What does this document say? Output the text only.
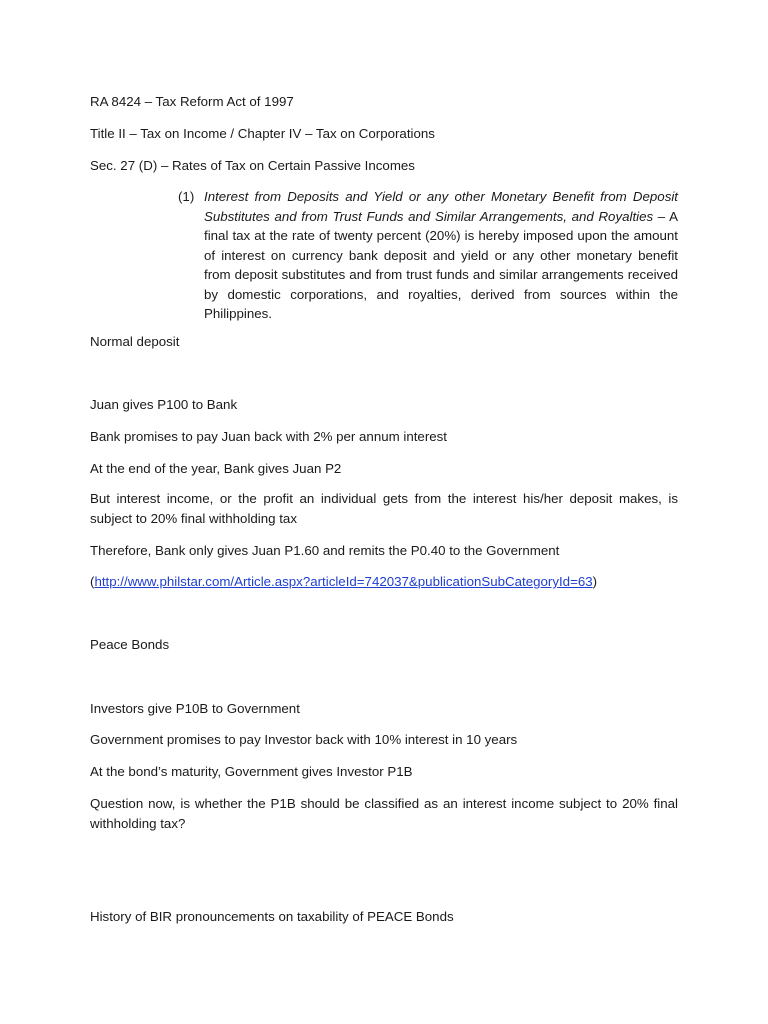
RA 8424 – Tax Reform Act of 1997

Title II – Tax on Income / Chapter IV – Tax on Corporations

Sec. 27 (D) – Rates of Tax on Certain Passive Incomes

(1) Interest from Deposits and Yield or any other Monetary Benefit from Deposit Substitutes and from Trust Funds and Similar Arrangements, and Royalties – A final tax at the rate of twenty percent (20%) is hereby imposed upon the amount of interest on currency bank deposit and yield or any other monetary benefit from deposit substitutes and from trust funds and similar arrangements received by domestic corporations, and royalties, derived from sources within the Philippines.

Normal deposit

Juan gives P100 to Bank

Bank promises to pay Juan back with 2% per annum interest

At the end of the year, Bank gives Juan P2

But interest income, or the profit an individual gets from the interest his/her deposit makes, is subject to 20% final withholding tax

Therefore, Bank only gives Juan P1.60 and remits the P0.40 to the Government

(http://www.philstar.com/Article.aspx?articleId=742037&publicationSubCategoryId=63)

Peace Bonds

Investors give P10B to Government

Government promises to pay Investor back with 10% interest in 10 years

At the bond’s maturity, Government gives Investor P1B

Question now, is whether the P1B should be classified as an interest income subject to 20% final withholding tax?

History of BIR pronouncements on taxability of PEACE Bonds
